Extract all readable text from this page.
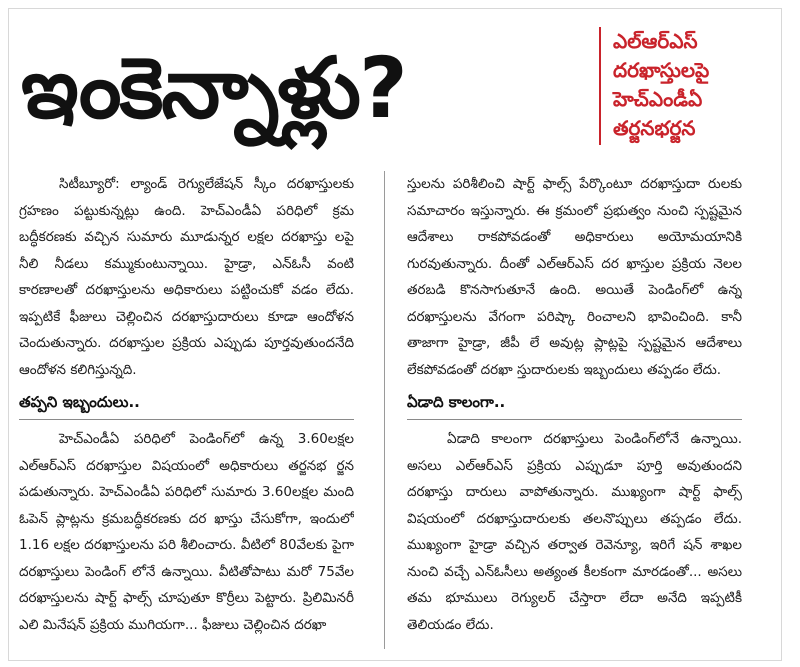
ఇంకెన్నాళ్లు?	ఎల్‌ఆర్‌ఎస్
దరఖాస్తులపై
హెచ్‌ఎండీఏ
తర్జనభర్జన

సిటీబ్యూరో: ల్యాండ్ రెగ్యులేజేషన్ స్కీం దరఖాస్తులకు గ్రహణం పట్టుకున్నట్లు ఉంది. హెచ్ఎండీఏ పరిధిలో క్రమ బద్ధీకరణకు వచ్చిన సుమారు మూడున్నర లక్షల దరఖాస్తు లపై నీలి నీడలు కమ్ముకుంటున్నాయి. హైడ్రా, ఎన్ఓసీ వంటి కారణాలతో దరఖాస్తులను అధికారులు పట్టించుకో వడం లేదు. ఇప్పటికే ఫీజులు చెల్లించిన దరఖాస్తుదారులు కూడా ఆందోళన చెందుతున్నారు. దరఖాస్తుల ప్రక్రియ ఎప్పుడు పూర్తవుతుందనేది ఆందోళన కలిగిస్తున్నది.

తప్పని ఇబ్బందులు..

హెచ్ఎండీఏ పరిధిలో పెండింగ్‌లో ఉన్న 3.60లక్షల ఎల్ఆర్ఎస్ దరఖాస్తుల విషయంలో అధికారులు తర్జనభ ర్జన పడుతున్నారు. హెచ్ఎండీఏ పరిధిలో సుమారు 3.60లక్షల మంది ఓపెన్ ప్లాట్లను క్రమబద్ధీకరణకు దర ఖాస్తు చేసుకోగా, ఇందులో 1.16 లక్షల దరఖాస్తులను పరి శీలించారు. వీటిలో 80వేలకు పైగా దరఖాస్తులు పెండింగ్ లోనే ఉన్నాయి. వీటితోపాటు మరో 75వేల దరఖాస్తులను షార్ట్ ఫాల్స్ చూపుతూ కొర్రీలు పెట్టారు. ప్రిలిమినరీ ఎలి మినేషన్ ప్రక్రియ ముగియగా... ఫీజులు చెల్లించిన దరఖా

స్తులను పరిశీలించి షార్ట్ ఫాల్స్ పేర్కొంటూ దరఖాస్తుదా రులకు సమాచారం ఇస్తున్నారు. ఈ క్రమంలో ప్రభుత్వం నుంచి స్పష్టమైన ఆదేశాలు రాకపోవడంతో అధికారులు అయోమయానికి గురవుతున్నారు. దీంతో ఎల్ఆర్ఎస్ దర ఖాస్తుల ప్రక్రియ నెలల తరబడి కొనసాగుతూనే ఉంది. అయితే పెండింగ్‌లో ఉన్న దరఖాస్తులను వేగంగా పరిష్కా రించాలని భావించింది. కానీ తాజాగా హైడ్రా, జీపీ లే అవుట్ల ప్లాట్లపై స్పష్టమైన ఆదేశాలు లేకపోవడంతో దరఖా స్తుదారులకు ఇబ్బందులు తప్పడం లేదు.

ఏడాది కాలంగా..

ఏడాది కాలంగా దరఖాస్తులు పెండింగ్‌లోనే ఉన్నాయి. అసలు ఎల్ఆర్ఎస్ ప్రక్రియ ఎప్పుడూ పూర్తి అవుతుందని దరఖాస్తు దారులు వాపోతున్నారు. ముఖ్యంగా షార్ట్ ఫాల్స్ విషయంలో దరఖాస్తుదారులకు తలనొప్పులు తప్పడం లేదు. ముఖ్యంగా హైడ్రా వచ్చిన తర్వాత రెవెన్యూ, ఇరిగే షన్ శాఖల నుంచి వచ్చే ఎన్ఓసీలు అత్యంత కీలకంగా మారడంతో... అసలు తమ భూములు రెగ్యులర్ చేస్తారా లేదా అనేది ఇప్పటికీ తెలియడం లేదు.
